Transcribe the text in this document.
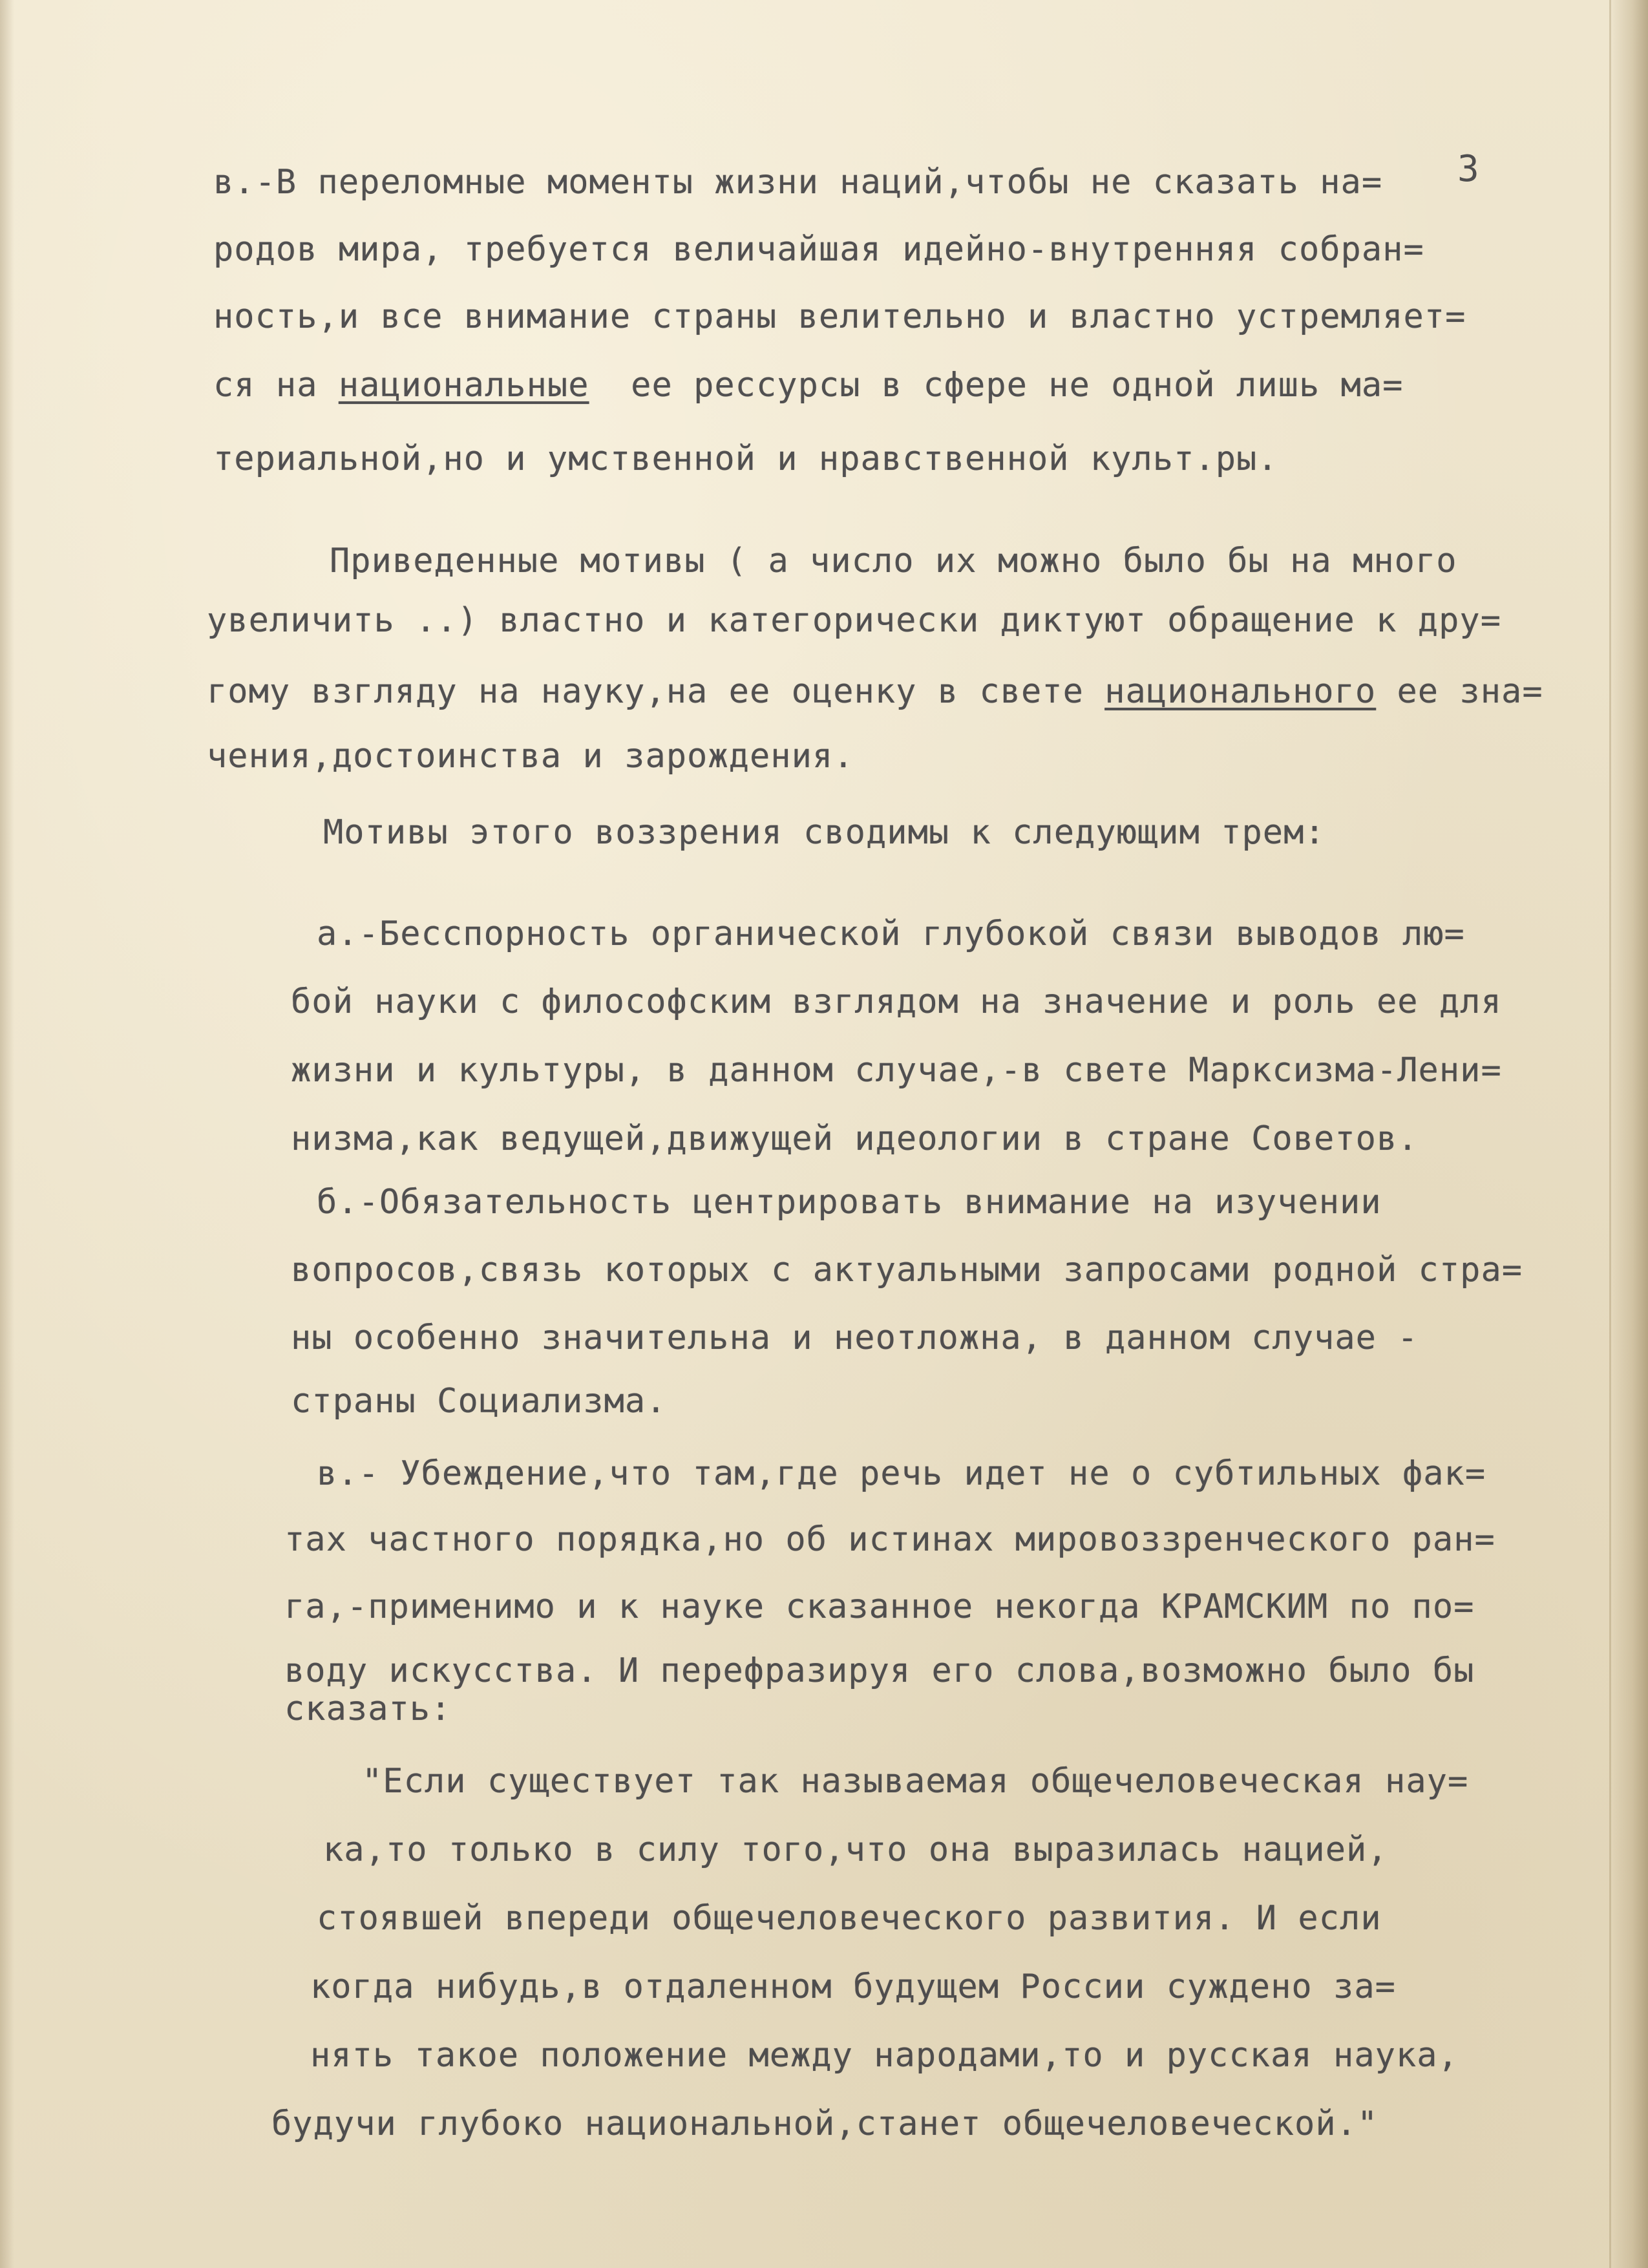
3

в.-В переломные моменты жизни наций,чтобы не сказать на=

родов мира, требуется величайшая идейно-внутренняя собран=

ность,и все внимание страны велительно и властно устремляет=

ся на национальные  ее рессурсы в сфере не одной лишь ма=

териальной,но и умственной и нравственной культ.ры.

Приведенные мотивы ( а число их можно было бы на много

увеличить ..) властно и категорически диктуют обращение к дру=

гому взгляду на науку,на ее оценку в свете национального ее зна=

чения,достоинства и зарождения.

Мотивы этого воззрения сводимы к следующим трем:

а.-Бесспорность органической глубокой связи выводов лю=

бой науки с философским взглядом на значение и роль ее для

жизни и культуры, в данном случае,-в свете Марксизма-Лени=

низма,как ведущей,движущей идеологии в стране Советов.

б.-Обязательность центрировать внимание на изучении

вопросов,связь которых с актуальными запросами родной стра=

ны особенно значительна и неотложна, в данном случае -

страны Социализма.

в.- Убеждение,что там,где речь идет не о субтильных фак=

тах частного порядка,но об истинах мировоззренческого ран=

га,-применимо и к науке сказанное некогда КРАМСКИМ по по=

воду искусства. И перефразируя его слова,возможно было бы

сказать:

"Если существует так называемая общечеловеческая нау=

ка,то только в силу того,что она выразилась нацией,

стоявшей впереди общечеловеческого развития. И если

когда нибудь,в отдаленном будущем России суждено за=

нять такое положение между народами,то и русская наука,

будучи глубоко национальной,станет общечеловеческой."
